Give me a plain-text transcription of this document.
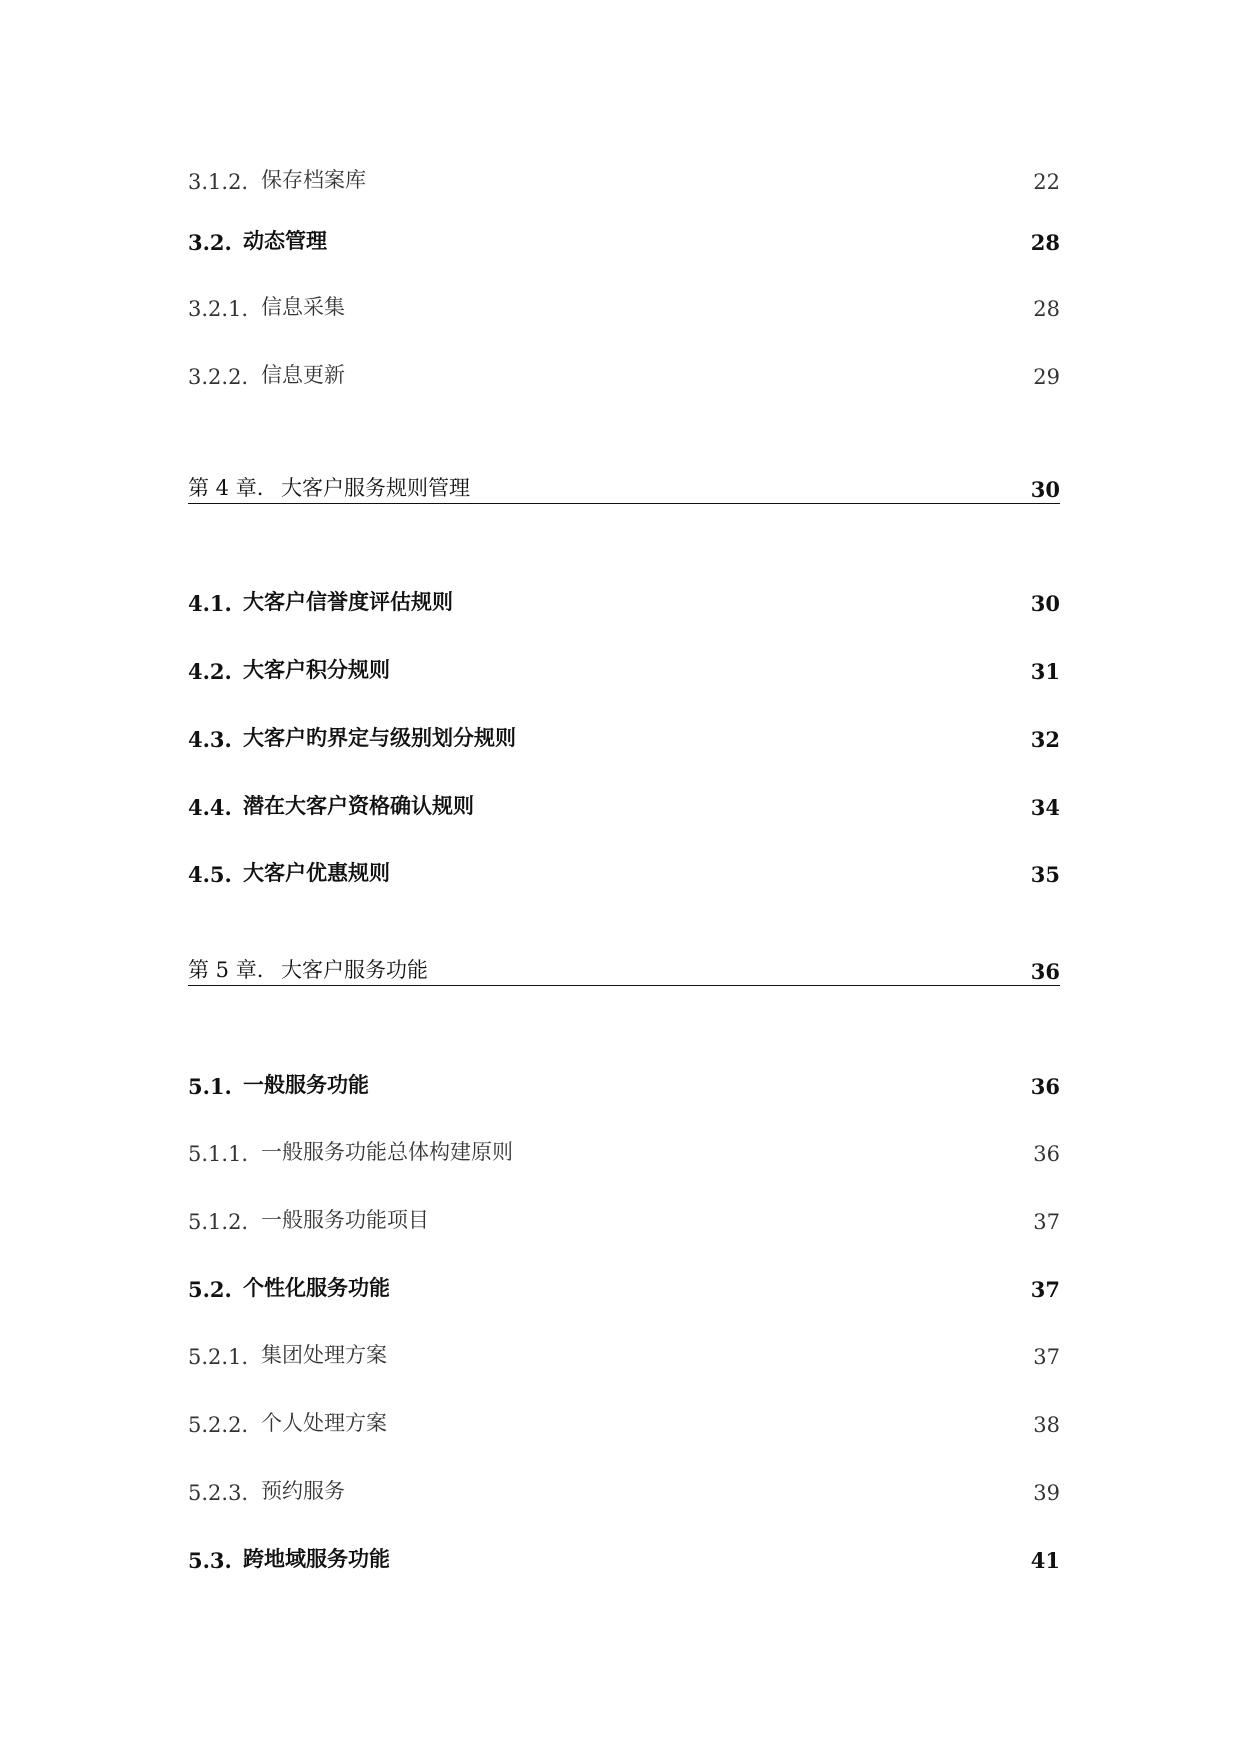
3.1.2. 保存档案库	22
3.2. 动态管理	28
3.2.1. 信息采集	28
3.2.2. 信息更新	29
第 4 章. 大客户服务规则管理	30
4.1. 大客户信誉度评估规则	30
4.2. 大客户积分规则	31
4.3. 大客户旳界定与级别划分规则	32
4.4. 潜在大客户资格确认规则	34
4.5. 大客户优惠规则	35
第 5 章. 大客户服务功能	36
5.1. 一般服务功能	36
5.1.1. 一般服务功能总体构建原则	36
5.1.2. 一般服务功能项目	37
5.2. 个性化服务功能	37
5.2.1. 集团处理方案	37
5.2.2. 个人处理方案	38
5.2.3. 预约服务	39
5.3. 跨地域服务功能	41
